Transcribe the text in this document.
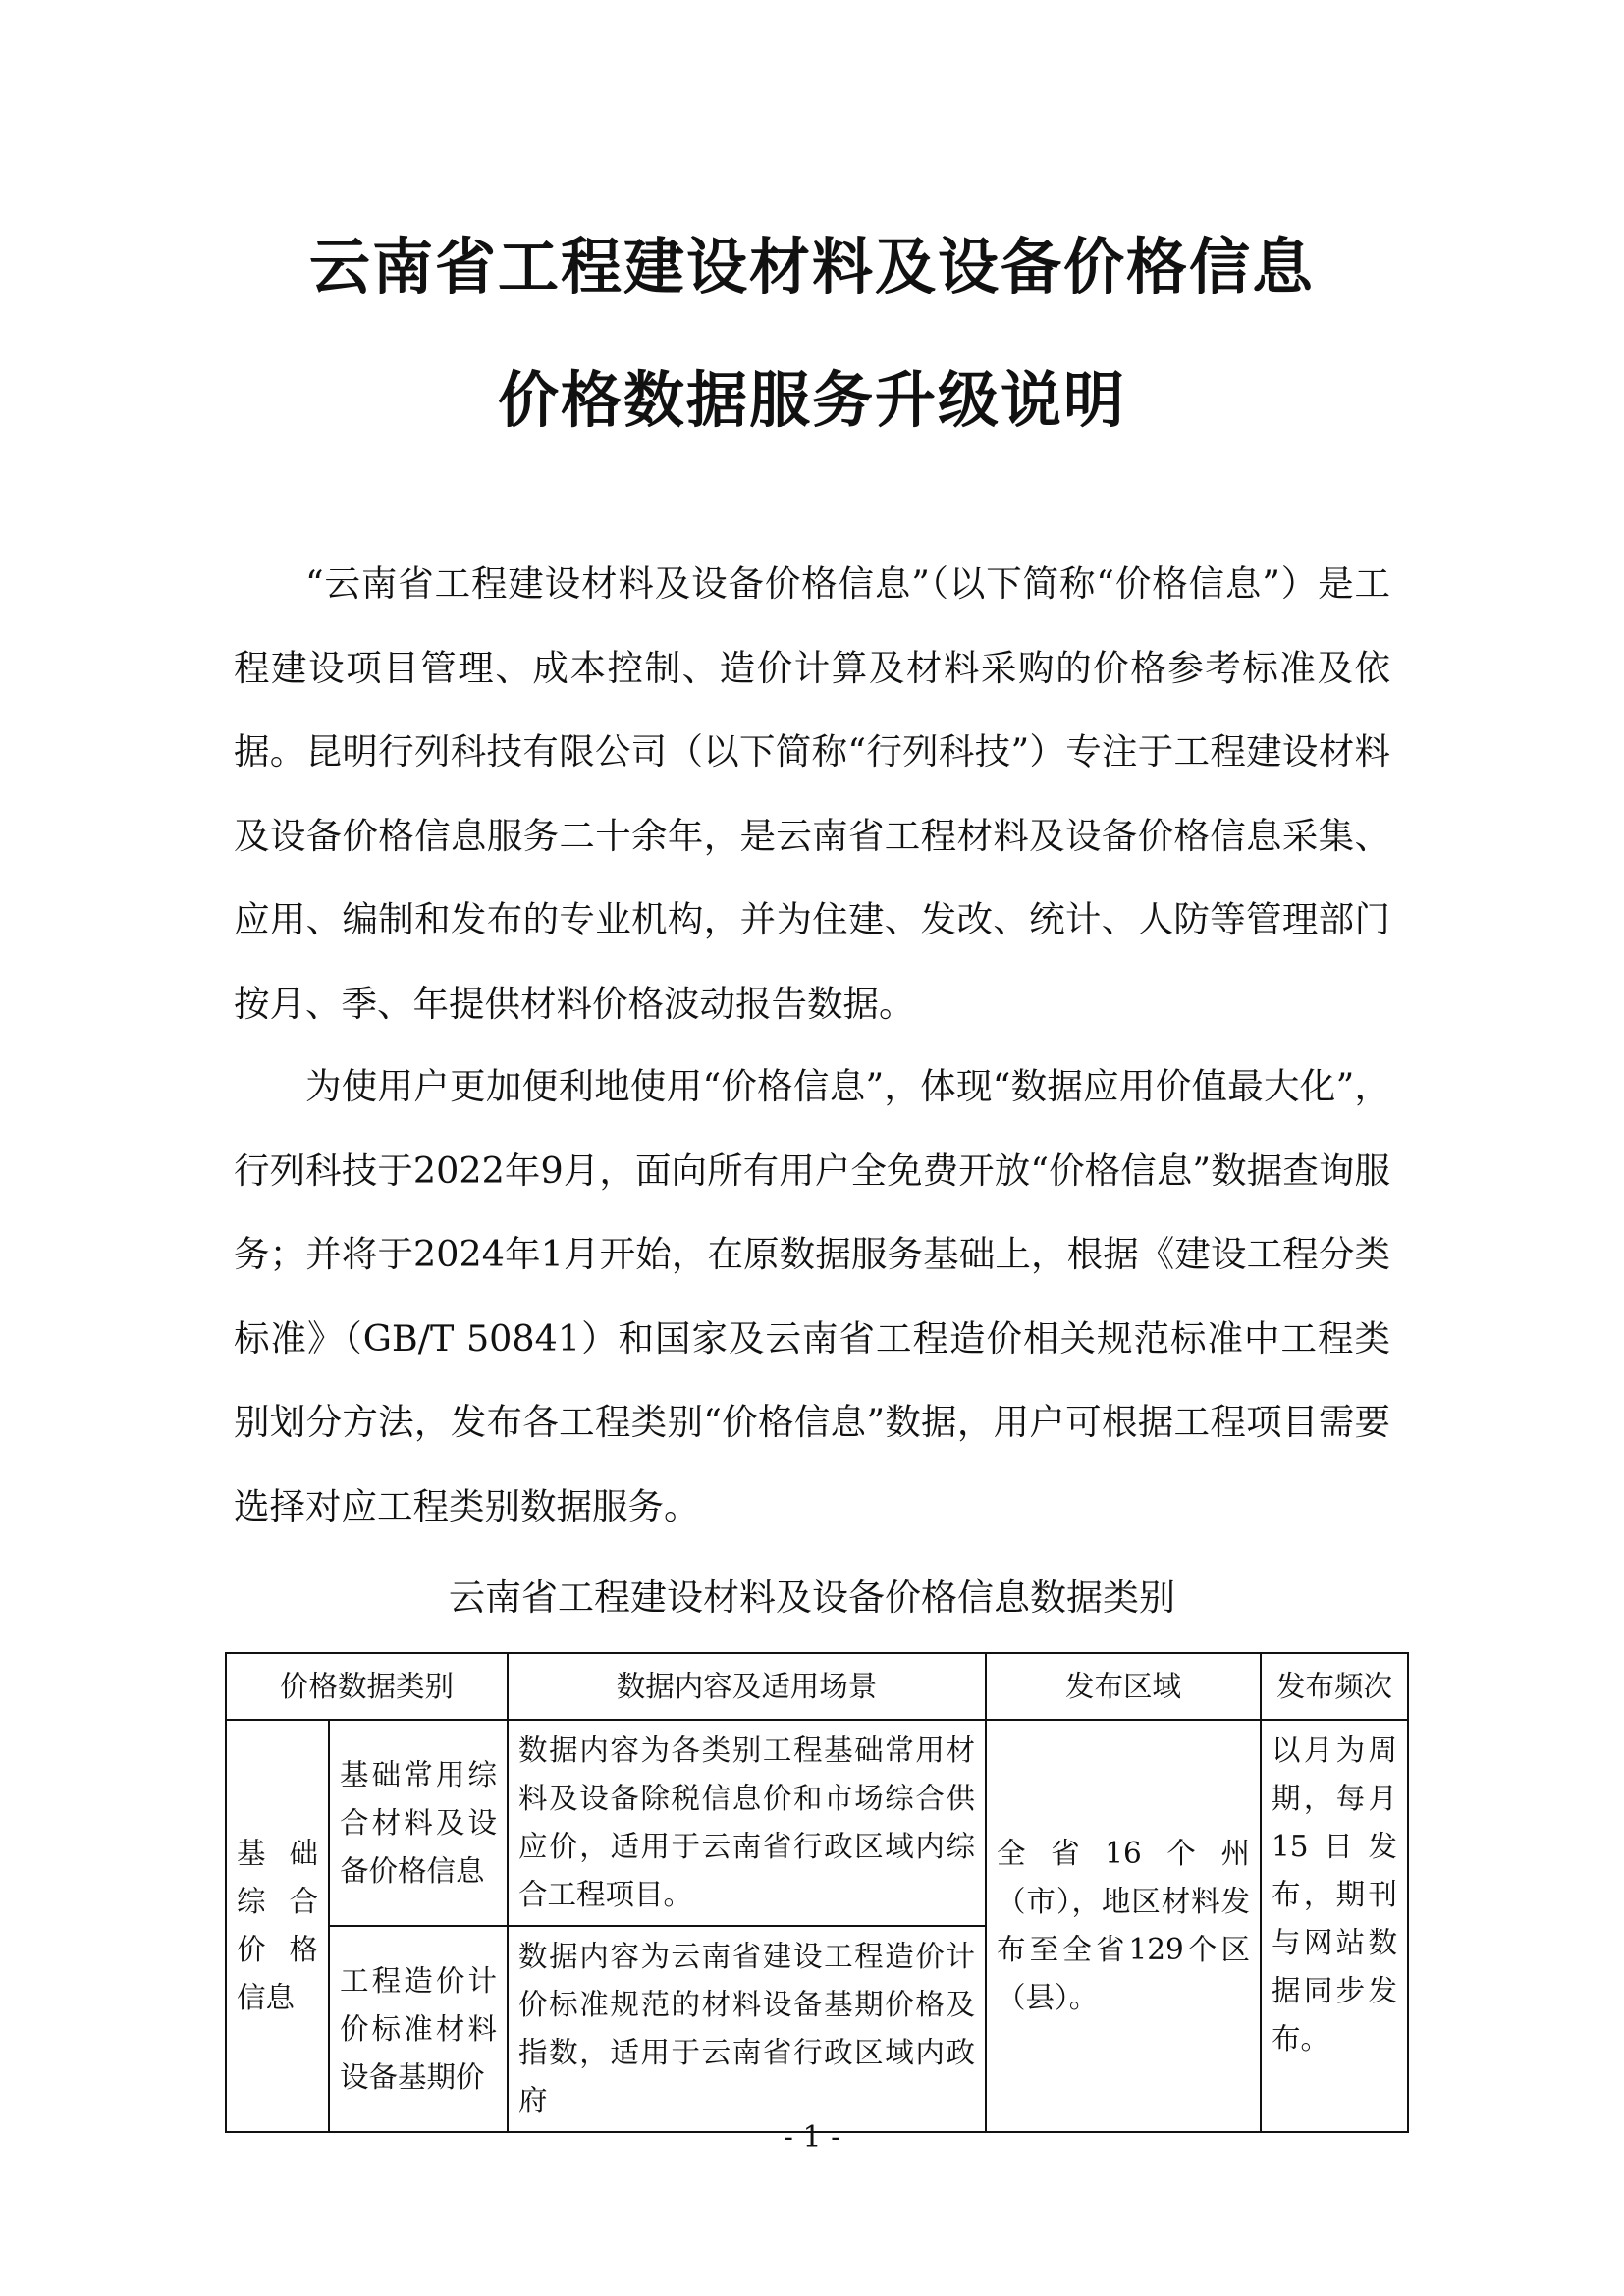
云南省工程建设材料及设备价格信息
价格数据服务升级说明

“云南省工程建设材料及设备价格信息”（以下简称“价格信息”）是工程建设项目管理、成本控制、造价计算及材料采购的价格参考标准及依据。昆明行列科技有限公司（以下简称“行列科技”）专注于工程建设材料及设备价格信息服务二十余年，是云南省工程材料及设备价格信息采集、应用、编制和发布的专业机构，并为住建、发改、统计、人防等管理部门按月、季、年提供材料价格波动报告数据。

为使用户更加便利地使用“价格信息”，体现“数据应用价值最大化”，行列科技于2022年9月，面向所有用户全免费开放“价格信息”数据查询服务；并将于2024年1月开始，在原数据服务基础上，根据《建设工程分类标准》（GB/T 50841）和国家及云南省工程造价相关规范标准中工程类别划分方法，发布各工程类别“价格信息”数据，用户可根据工程项目需要选择对应工程类别数据服务。

云南省工程建设材料及设备价格信息数据类别

价格数据类别		数据内容及适用场景	发布区域	发布频次
基础综合价格信息	基础常用综合材料及设备价格信息	数据内容为各类别工程基础常用材料及设备除税信息价和市场综合供应价，适用于云南省行政区域内综合工程项目。	全省16个州（市），地区材料发布至全省129个区（县）。	以月为周期，每月15日发布，期刊与网站数据同步发布。
	工程造价计价标准材料设备基期价	数据内容为云南省建设工程造价计价标准规范的材料设备基期价格及指数，适用于云南省行政区域内政府		

- 1 -
